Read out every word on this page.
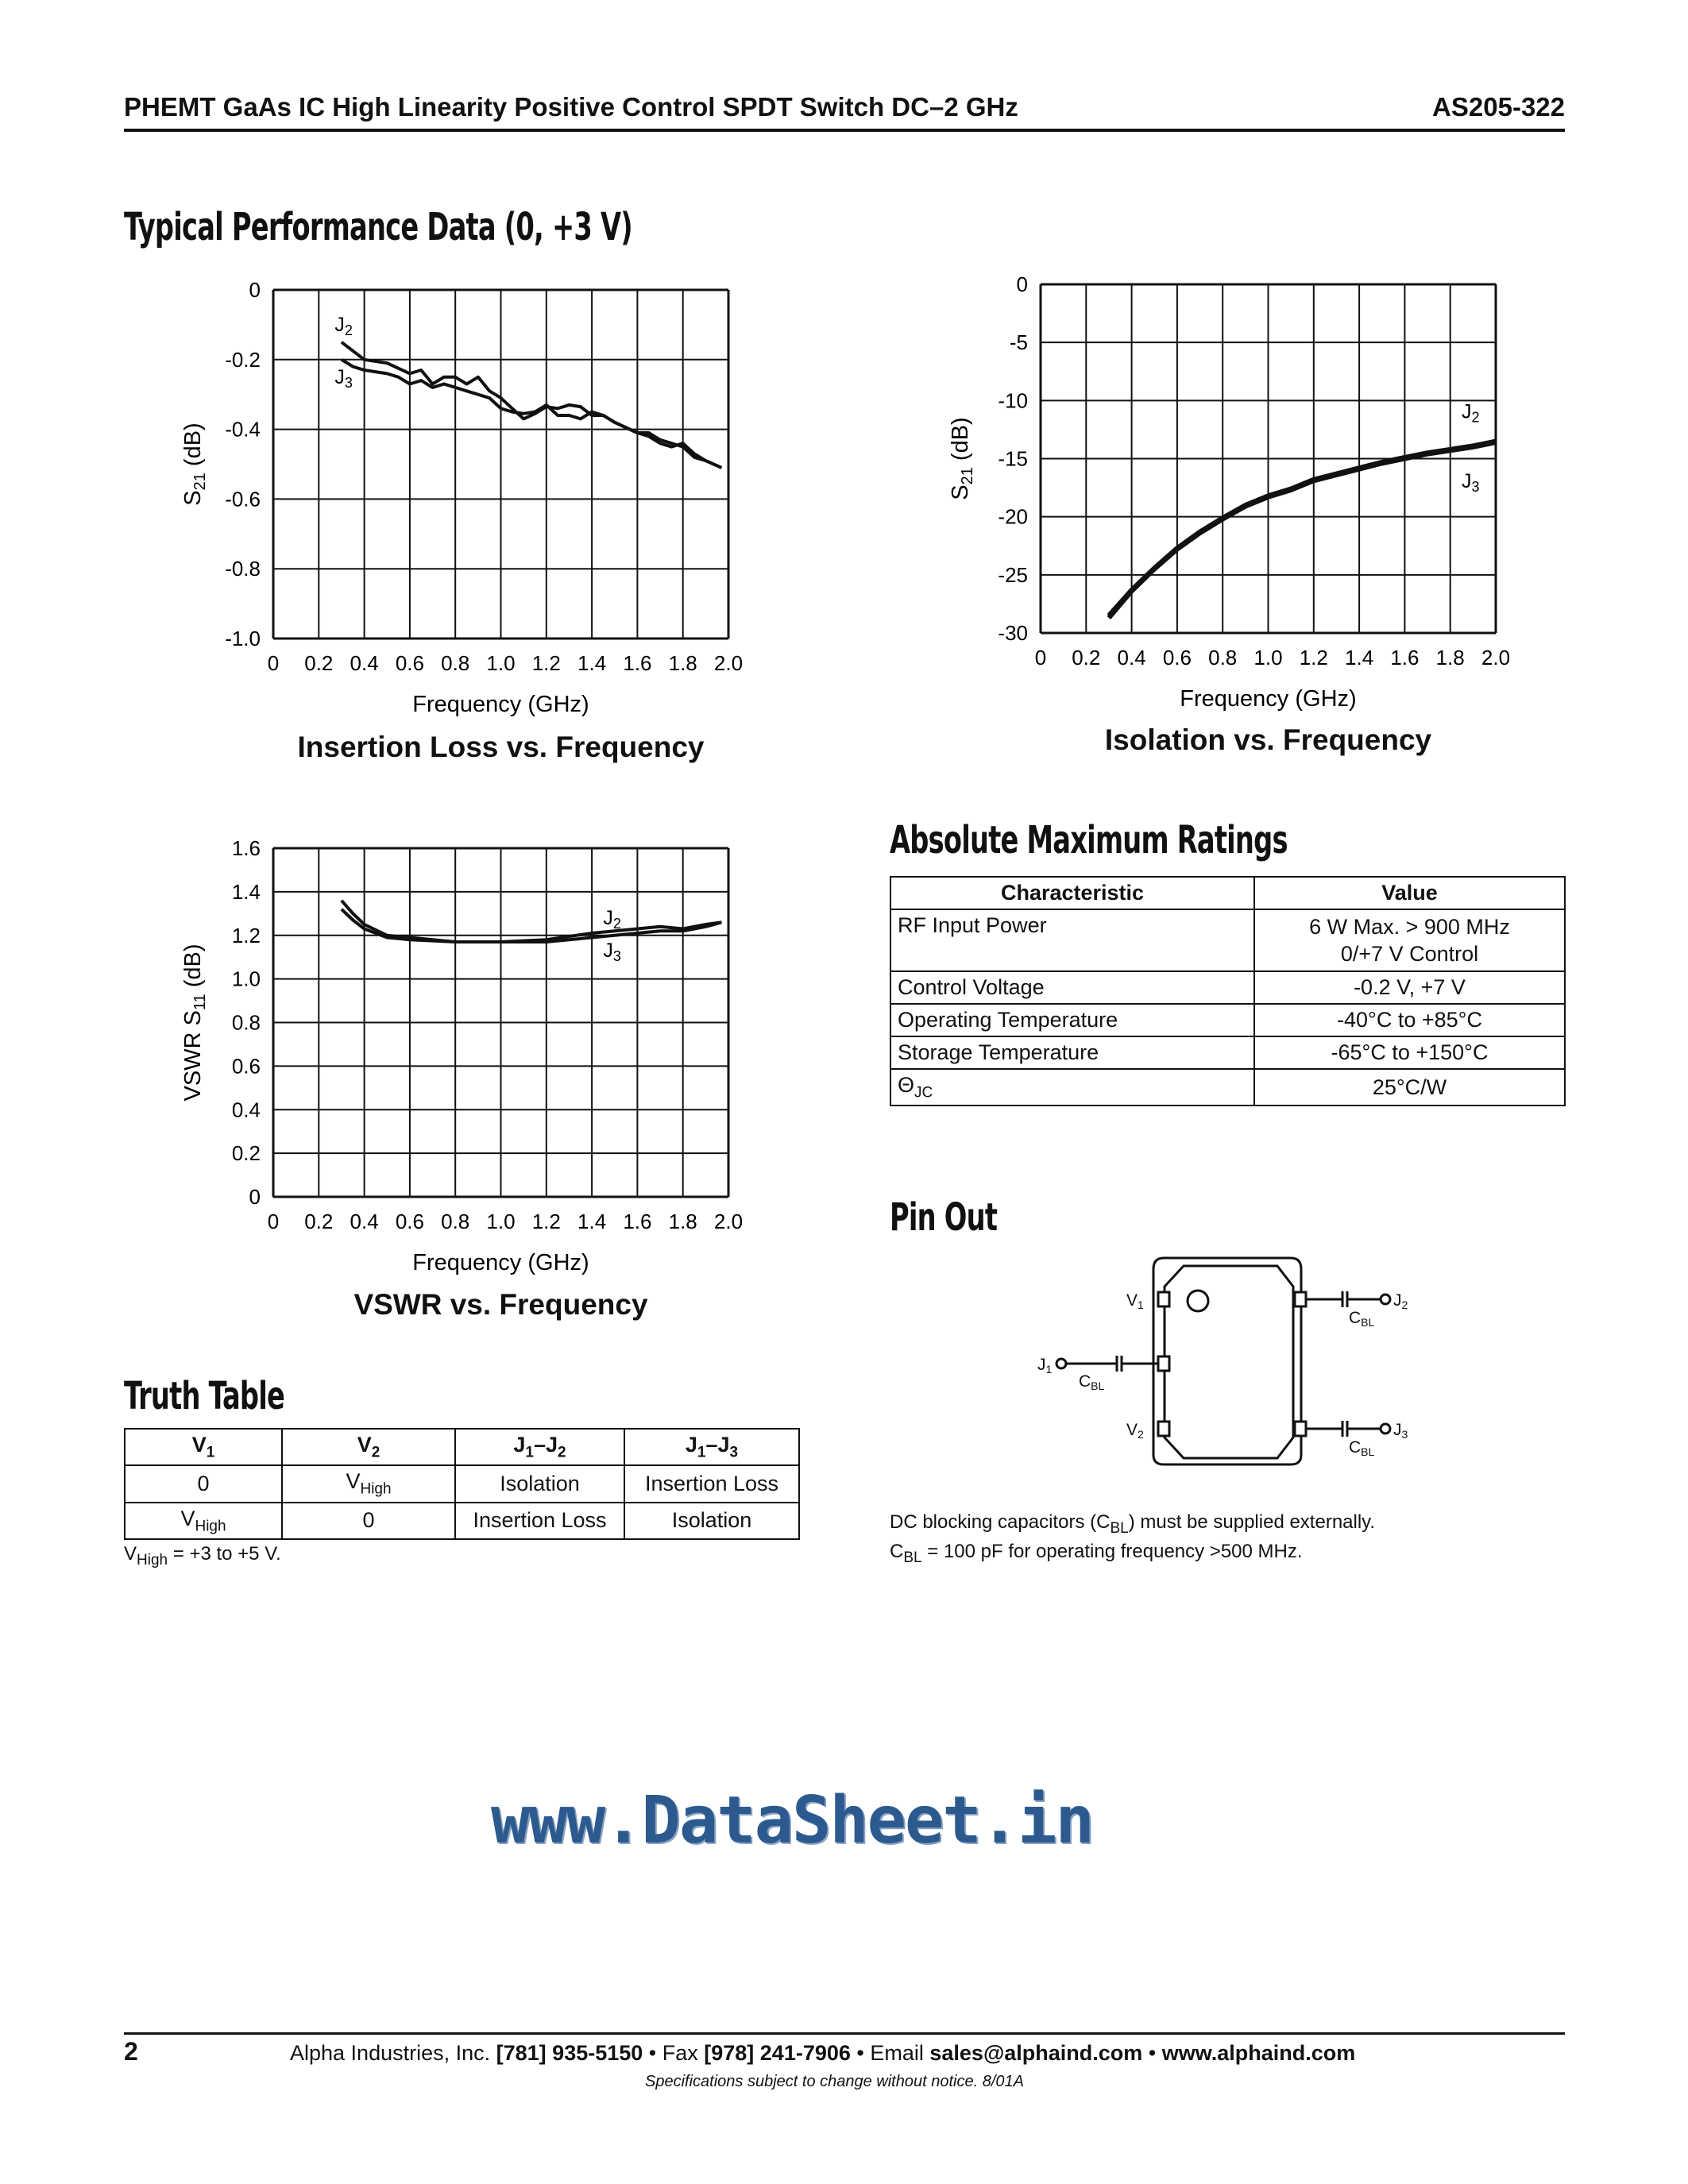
PHEMT GaAs IC High Linearity Positive Control SPDT Switch DC–2 GHz	AS205-322
Typical Performance Data (0, +3 V)
0 0.2 0.4 0.6 0.8 1.0 1.2 1.4 1.6 1.8 2.0
0
-0.2
-0.4
-0.6
-0.8
-1.0
Frequency (GHz)
$S_{21}$ (dB)
$J_2$
$J_3$
0 0.2 0.4 0.6 0.8 1.0 1.2 1.4 1.6 1.8 2.0
0
-5
-10
-15
-20
-25
-30
Frequency (GHz)
$S_{21}$ (dB)
$J_2$
$J_3$
0 0.2 0.4 0.6 0.8 1.0 1.2 1.4 1.6 1.8 2.0
1.6
1.4
1.2
1.0
0.8
0.6
0.4
0.2
0
Frequency (GHz)
VSWR $S_{11}$ (dB)
$J_2$
$J_3$
Absolute Maximum Ratings
Characteristic	Value
RF Input Power	6 W Max. > 900 MHz
0/+7 V Control

Control Voltage	-0.2 V, +7 V
Operating Temperature	-40°C to +85°C
Storage Temperature	-65°C to +150°C
$\Theta_{JC}$	25°C/W
Pin Out
V1
V2
J1
J2
J3
CBL
CBL
CBL
DC blocking capacitors $(C_{BL})$ must be supplied externally.
$C_{BL} = 100$ pF for operating frequency >500 MHz.
Truth Table
$V_1$	$V_2$	$J_1-J_2$	$J_1-J_3$
0	$V_{High}$	Isolation	Insertion Loss
$V_{High}$	0	Insertion Loss	Isolation
$V_{High} = +3$ to +5 V.
www.DataSheet.in
2	Alpha Industries, Inc. [781] 935-5150 • Fax [978] 241-7906 • Email sales@alphaind.com • www.alphaind.com
Specifications subject to change without notice. 8/01A
Insertion Loss vs. Frequency	Isolation vs. Frequency
VSWR vs. Frequency
